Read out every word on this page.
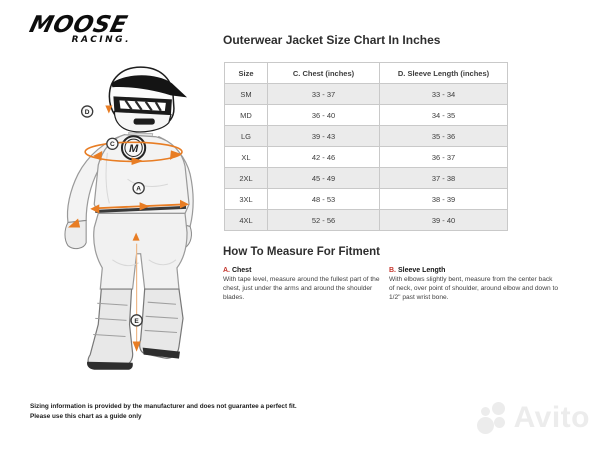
MOOSE
RACING.
M
D
C
A
E
Outerwear Jacket Size Chart In Inches
Size	C. Chest (inches)	D. Sleeve Length (inches)
SM	33 - 37	33 - 34
MD	36 - 40	34 - 35
LG	39 - 43	35 - 36
XL	42 - 46	36 - 37
2XL	45 - 49	37 - 38
3XL	48 - 53	38 - 39
4XL	52 - 56	39 - 40
How To Measure For Fitment
A. Chest
With tape level, measure around the fullest part of the chest, just under the arms and around the shoulder blades.
B. Sleeve Length
With elbows slightly bent, measure from the center back of neck, over point of shoulder, around elbow and down to 1/2" past wrist bone.
Sizing information is provided by the manufacturer and does not guarantee a perfect fit.
Please use this chart as a guide only	Avito
